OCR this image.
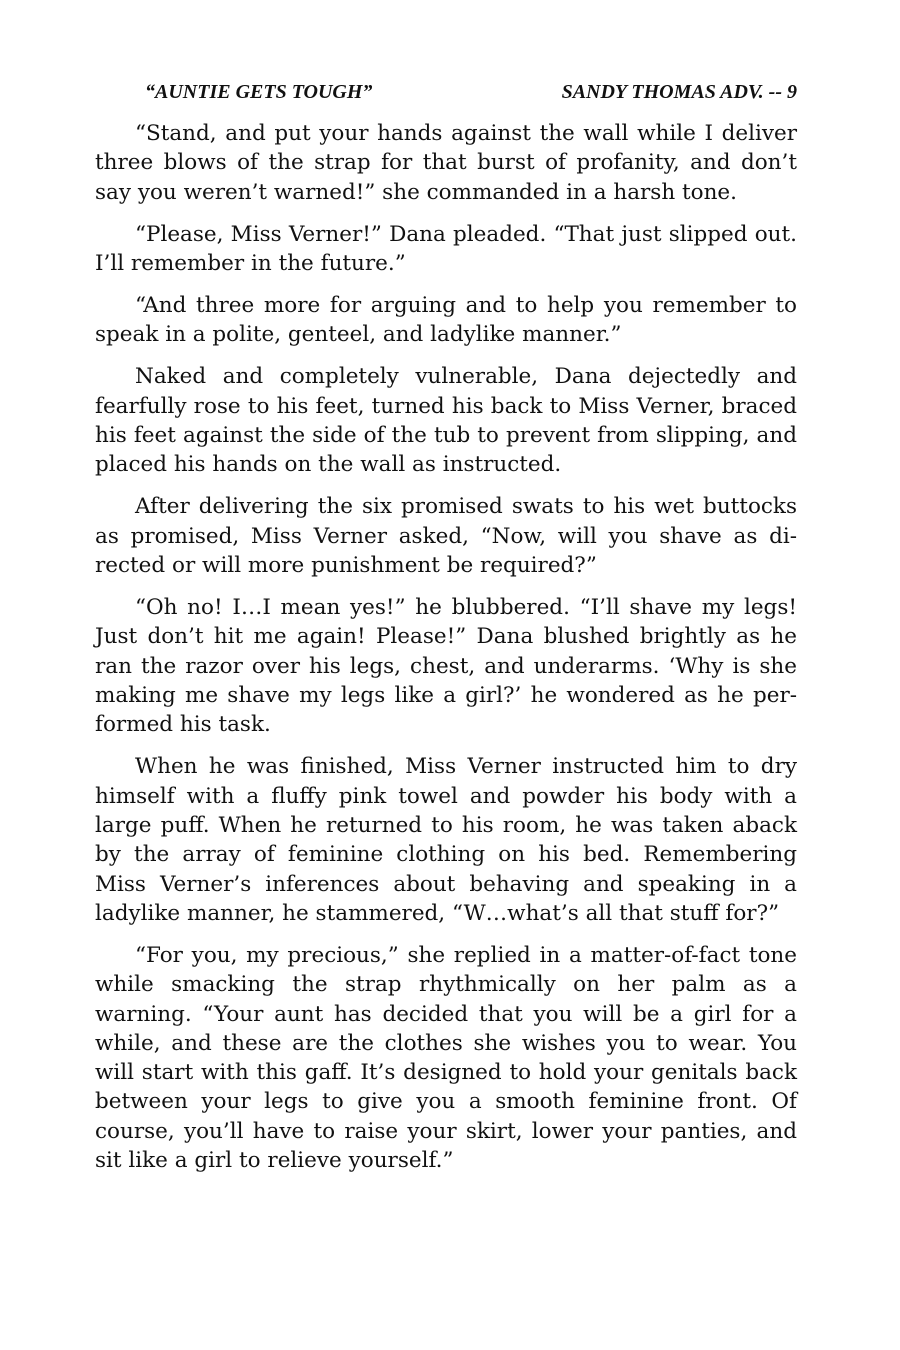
“AUNTIE GETS TOUGH”	SANDY THOMAS ADV. -- 9

“Stand, and put your hands against the wall while I deliver three blows of the strap for that burst of profanity, and don’t say you weren’t warned!” she commanded in a harsh tone.

“Please, Miss Verner!” Dana pleaded. “That just slipped out. I’ll remember in the future.”

“And three more for arguing and to help you remember to speak in a polite, genteel, and ladylike manner.”

Naked and completely vulnerable, Dana dejectedly and fearfully rose to his feet, turned his back to Miss Verner, braced his feet against the side of the tub to prevent from slipping, and placed his hands on the wall as instructed.

After delivering the six promised swats to his wet buttocks as promised, Miss Verner asked, “Now, will you shave as directed or will more punishment be required?”

“Oh no! I…I mean yes!” he blubbered. “I’ll shave my legs! Just don’t hit me again! Please!” Dana blushed brightly as he ran the razor over his legs, chest, and underarms. ‘Why is she making me shave my legs like a girl?’ he wondered as he performed his task.

When he was finished, Miss Verner instructed him to dry himself with a fluffy pink towel and powder his body with a large puff. When he returned to his room, he was taken aback by the array of feminine clothing on his bed. Remembering Miss Verner’s inferences about behaving and speaking in a ladylike manner, he stammered, “W…what’s all that stuff for?”

“For you, my precious,” she replied in a matter-of-fact tone while smacking the strap rhythmically on her palm as a warning. “Your aunt has decided that you will be a girl for a while, and these are the clothes she wishes you to wear. You will start with this gaff. It’s designed to hold your genitals back between your legs to give you a smooth feminine front. Of course, you’ll have to raise your skirt, lower your panties, and sit like a girl to relieve yourself.”
